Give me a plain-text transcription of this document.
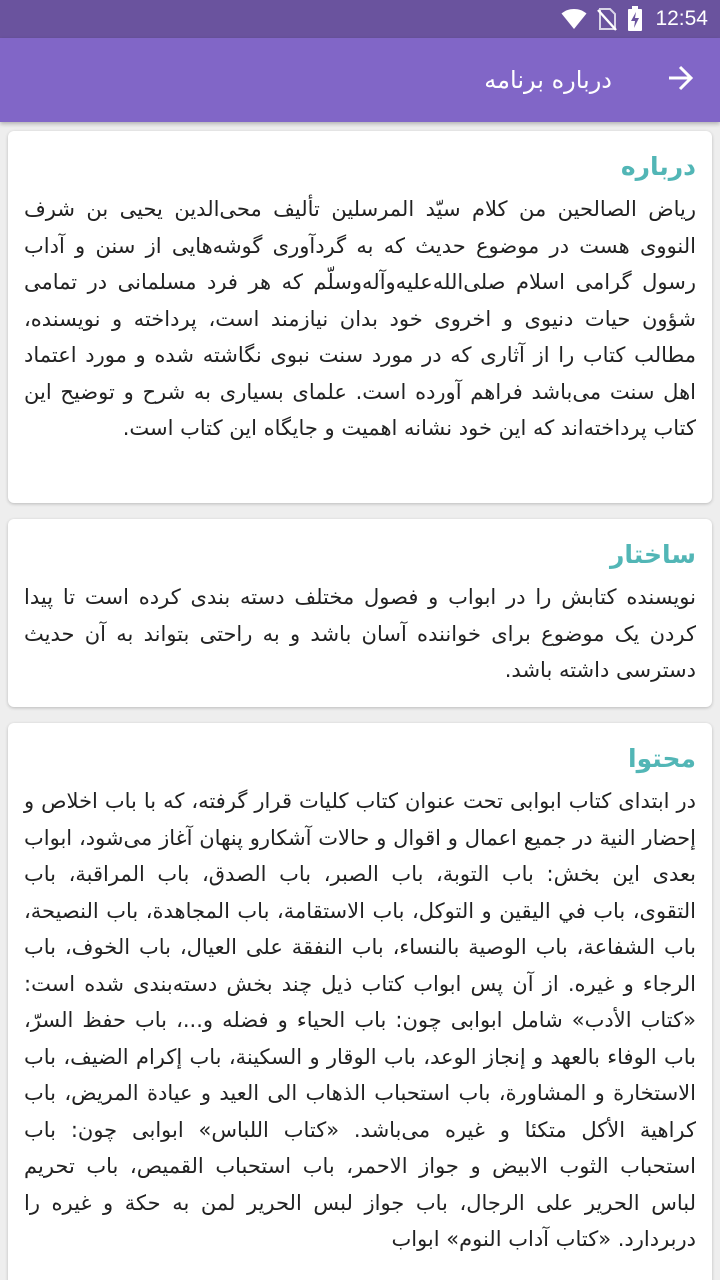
12:54
درباره برنامه
درباره

ریاض الصالحین من کلام سیّد المرسلین تألیف محی‌الدین یحیی بن شرف النووی هست در موضوع حدیث که به گردآوری گوشه‌هایی از سنن و آداب رسول گرامی اسلام صلی‌الله‌علیه‌وآله‌وسلّم که هر فرد مسلمانی در تمامی شؤون حیات دنیوی و اخروی خود بدان نیازمند است، پرداخته و نویسنده، مطالب کتاب را از آثاری که در مورد سنت نبوی نگاشته شده و مورد اعتماد اهل سنت می‌باشد فراهم آورده است. علمای بسیاری به شرح و توضیح این کتاب پرداخته‌اند که این خود نشانه اهمیت و جایگاه این کتاب است.

ساختار

نویسنده کتابش را در ابواب و فصول مختلف دسته بندی کرده است تا پیدا کردن یک موضوع برای خواننده آسان باشد و به راحتی بتواند به آن حدیث دسترسی داشته باشد.

محتوا

در ابتدای کتاب ابوابی تحت عنوان کتاب کلیات قرار گرفته، که با باب اخلاص و إحضار النیة در جمیع اعمال و اقوال و حالات آشکارو پنهان آغاز می‌شود، ابواب بعدی این بخش: باب التوبة، باب الصبر، باب الصدق، باب المراقبة، باب التقوى، باب في الیقین و التوکل، باب الاستقامة، باب المجاهدة، باب النصیحة، باب الشفاعة، باب الوصیة بالنساء، باب النفقة على العیال، باب الخوف، باب الرجاء و غیره. از آن پس ابواب کتاب ذیل چند بخش دسته‌بندی شده است: «کتاب الأدب» شامل ابوابی چون: باب الحیاء و فضله و...، باب حفظ السرّ، باب الوفاء بالعهد و إنجاز الوعد، باب الوقار و السکینة، باب إکرام الضیف، باب الاستخارة و المشاورة، باب استحباب الذهاب الی العید و عیادة المریض، باب کراهیة الأکل متکئا و غیره می‌باشد. «کتاب اللباس» ابوابی چون: باب استحباب الثوب الابیض و جواز الاحمر، باب استحباب القمیص، باب تحریم لباس الحریر علی الرجال، باب جواز لبس الحریر لمن به حکة و غیره را دربردارد. «کتاب آداب النوم» ابواب
